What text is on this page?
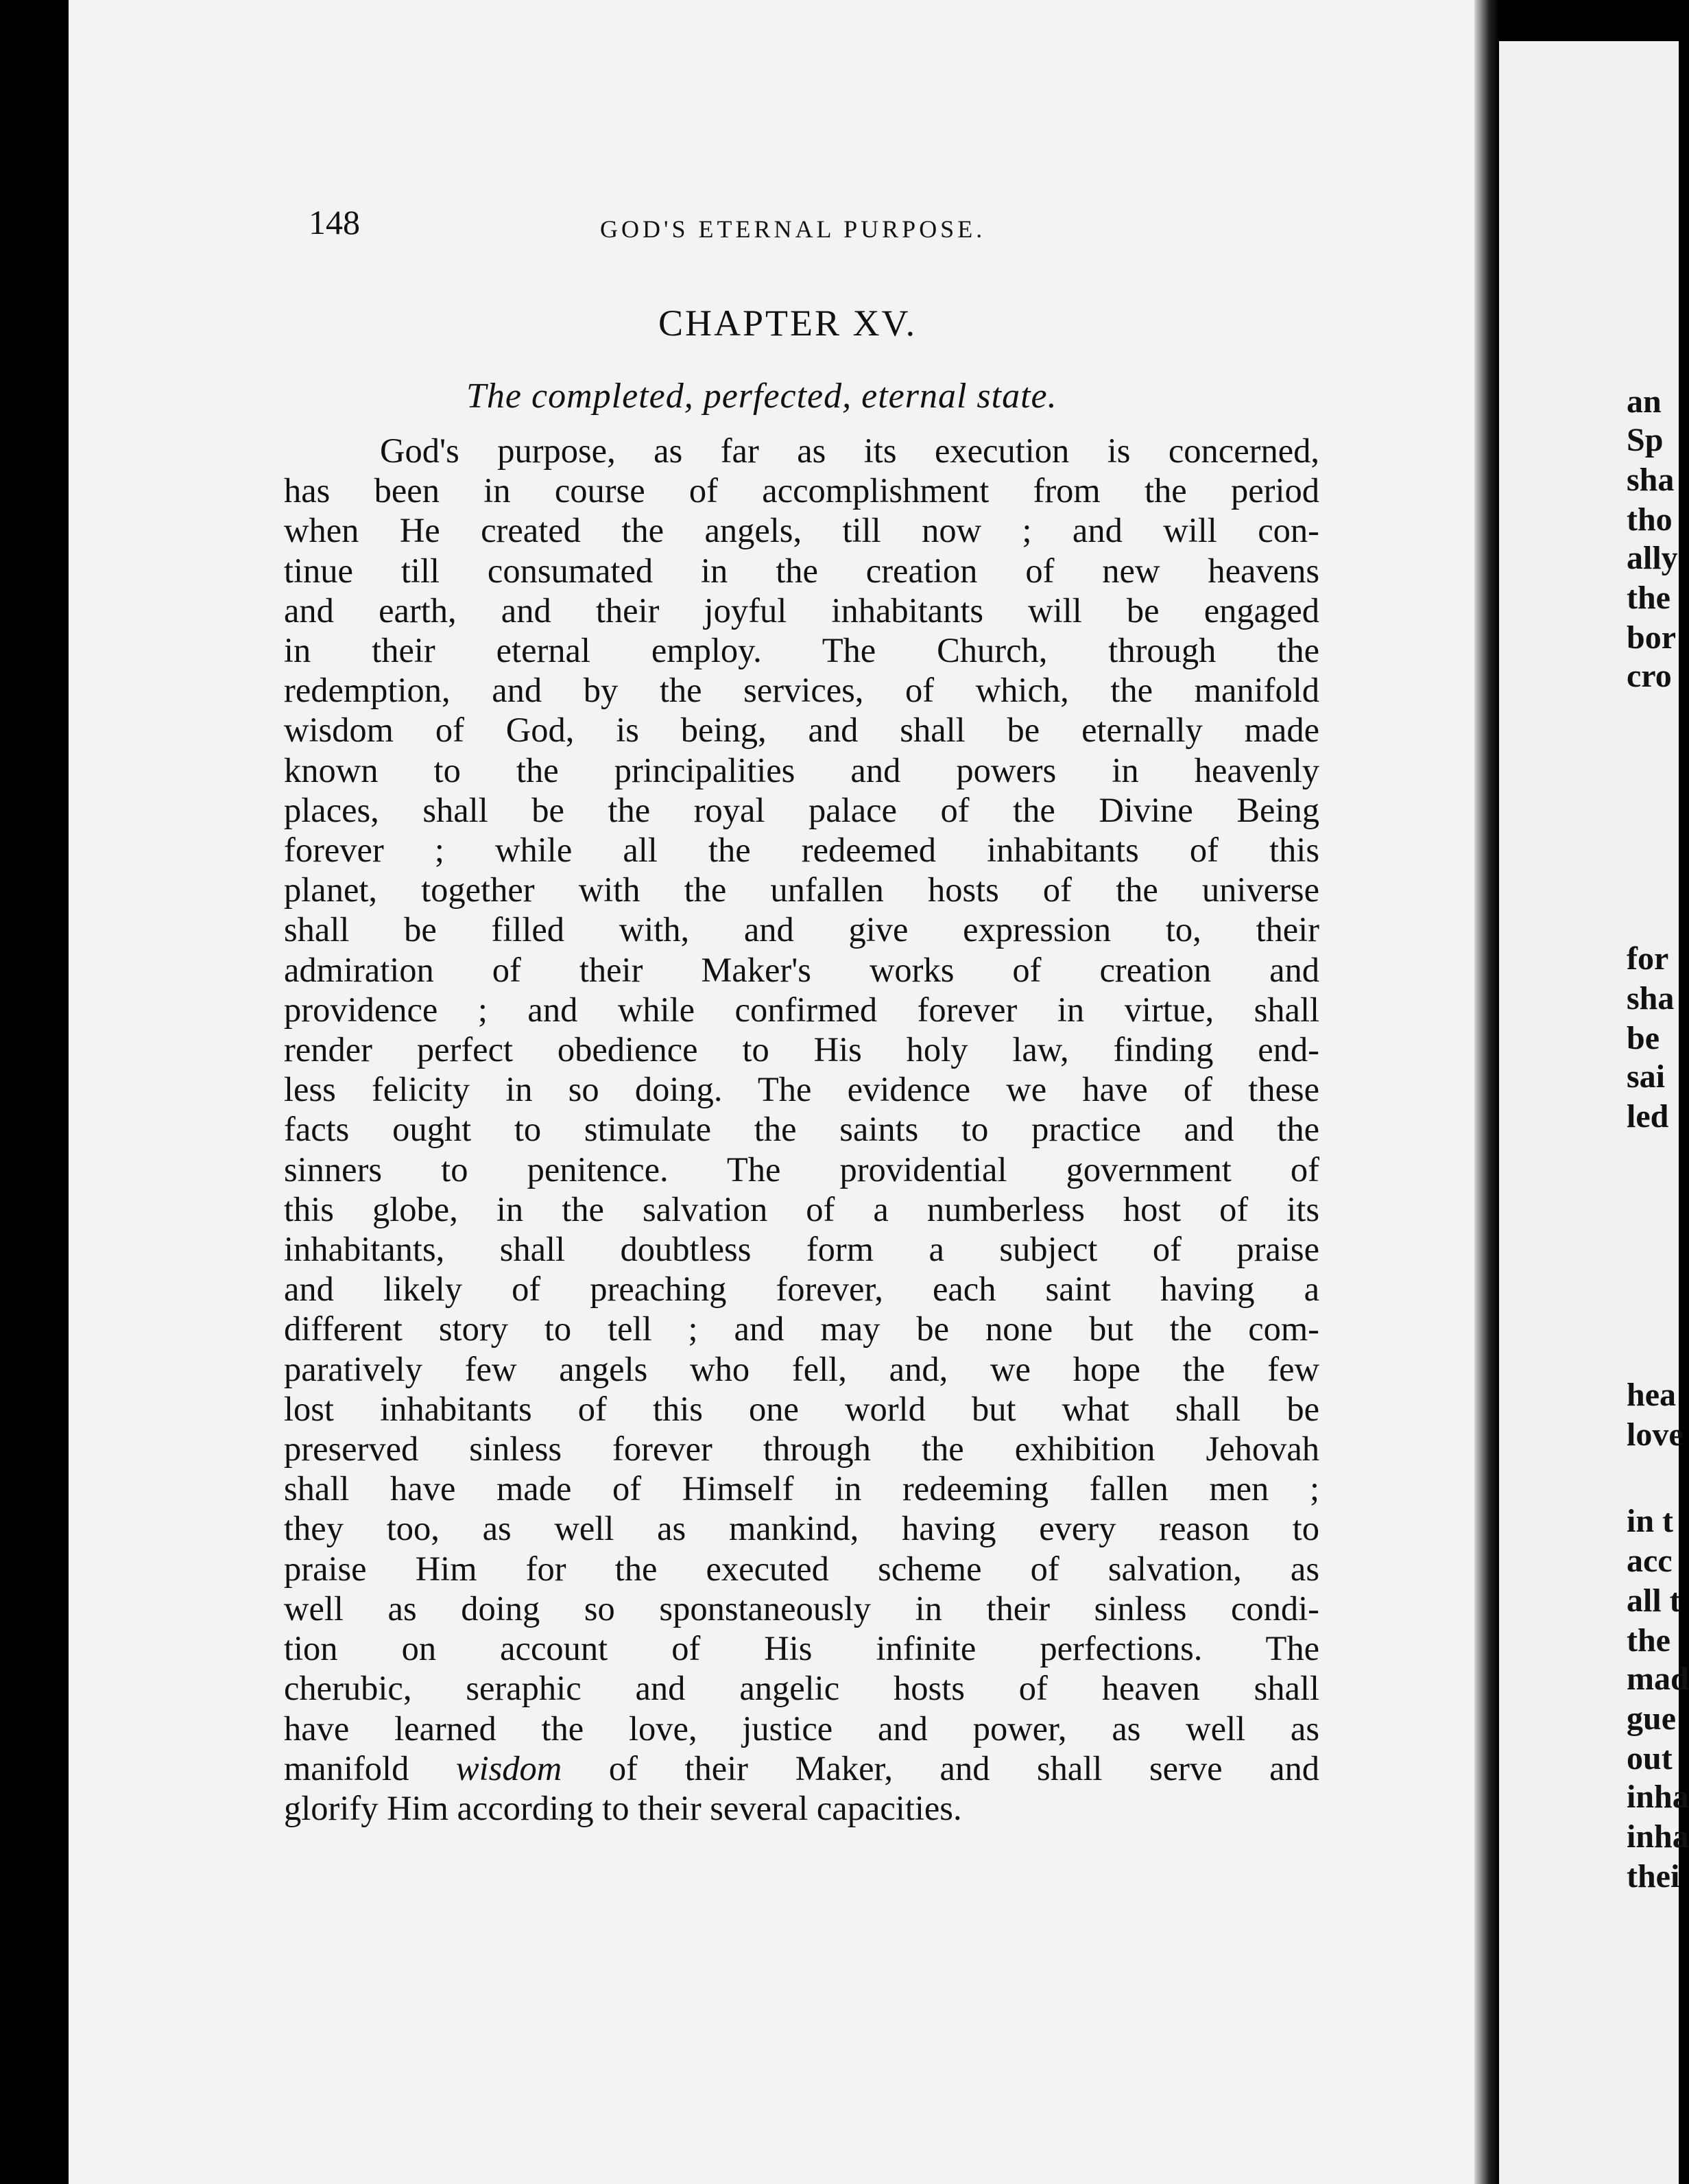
148	GOD'S ETERNAL PURPOSE.
CHAPTER XV.
The completed, perfected, eternal state.
God's purpose, as far as its execution is concerned,
has been in course of accomplishment from the period
when He created the angels, till now ; and will con-
tinue till consumated in the creation of new heavens
and earth, and their joyful inhabitants will be engaged
in their eternal employ. The Church, through the
redemption, and by the services, of which, the manifold
wisdom of God, is being, and shall be eternally made
known to the principalities and powers in heavenly
places, shall be the royal palace of the Divine Being
forever ; while all the redeemed inhabitants of this
planet, together with the unfallen hosts of the universe
shall be filled with, and give expression to, their
admiration of their Maker's works of creation and
providence ; and while confirmed forever in virtue, shall
render perfect obedience to His holy law, finding end-
less felicity in so doing. The evidence we have of these
facts ought to stimulate the saints to practice and the
sinners to penitence. The providential government of
this globe, in the salvation of a numberless host of its
inhabitants, shall doubtless form a subject of praise
and likely of preaching forever, each saint having a
different story to tell ; and may be none but the com-
paratively few angels who fell, and, we hope the few
lost inhabitants of this one world but what shall be
preserved sinless forever through the exhibition Jehovah
shall have made of Himself in redeeming fallen men ;
they too, as well as mankind, having every reason to
praise Him for the executed scheme of salvation, as
well as doing so sponstaneously in their sinless condi-
tion on account of His infinite perfections. The
cherubic, seraphic and angelic hosts of heaven shall
have learned the love, justice and power, as well as
manifold wisdom of their Maker, and shall serve and
glorify Him according to their several capacities.
an
Sp
sha
tho
ally
the
bor
cro
for
sha
be
sai
led
hea
love
in t
acc
all t
the
mad
gue
out
inha
inha
thei
